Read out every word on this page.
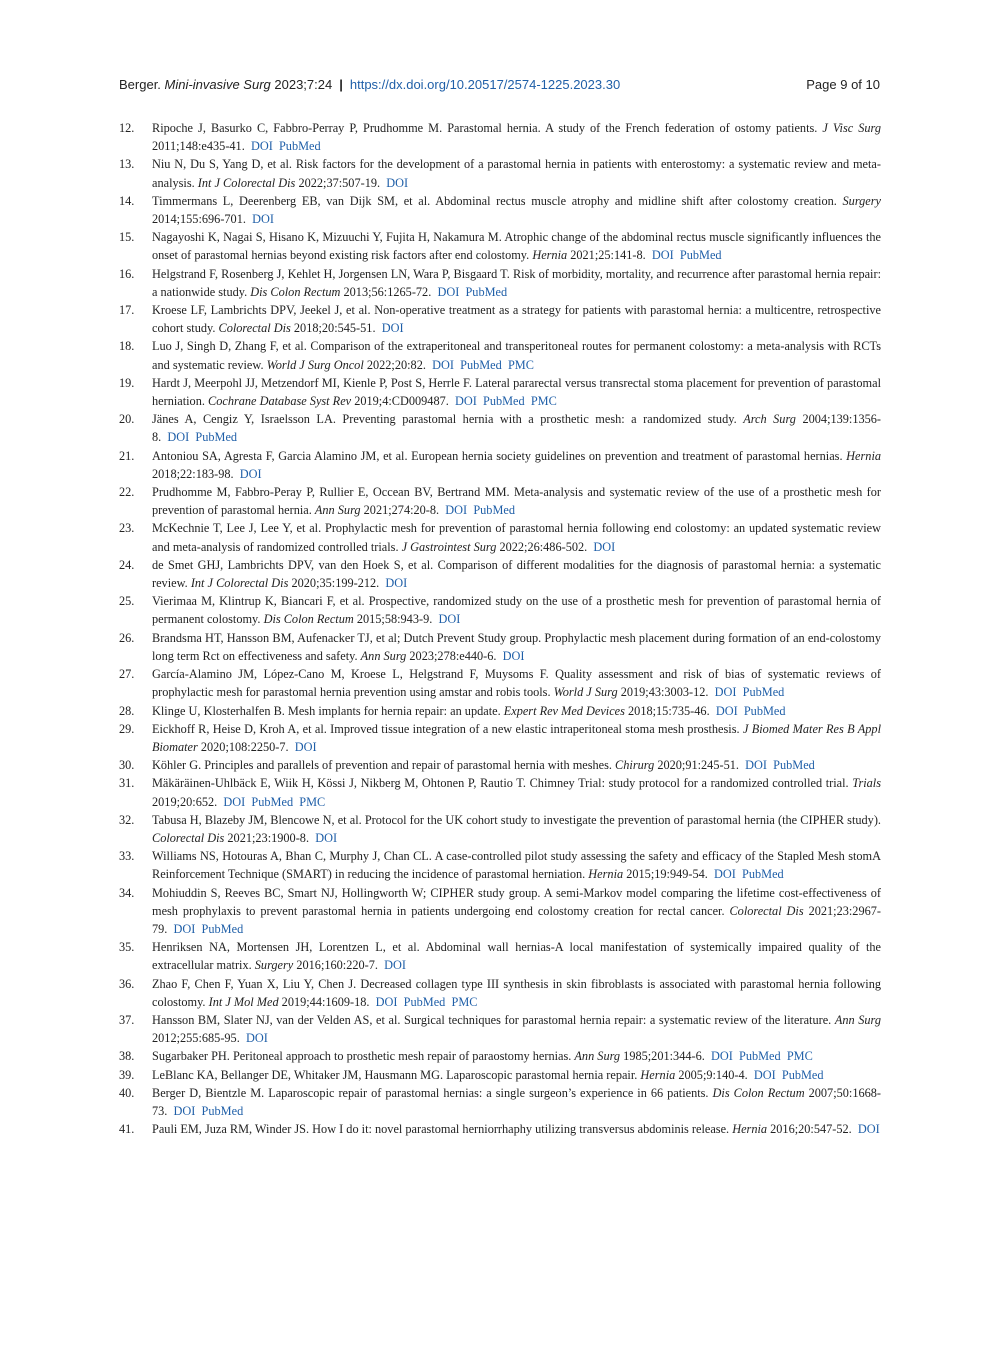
Berger.
Mini-invasive Surg
2023;7:24 | https://dx.doi.org/10.20517/2574-1225.2023.30	Page 9 of 10
12.	Ripoche J, Basurko C, Fabbro-Perray P, Prudhomme M. Parastomal hernia. A study of the French federation of ostomy patients. J Visc Surg 2011;148:e435-41. DOI PubMed
13.	Niu N, Du S, Yang D, et al. Risk factors for the development of a parastomal hernia in patients with enterostomy: a systematic review and meta-analysis. Int J Colorectal Dis 2022;37:507-19. DOI
14.	Timmermans L, Deerenberg EB, van Dijk SM, et al. Abdominal rectus muscle atrophy and midline shift after colostomy creation. Surgery 2014;155:696-701. DOI
15.	Nagayoshi K, Nagai S, Hisano K, Mizuuchi Y, Fujita H, Nakamura M. Atrophic change of the abdominal rectus muscle significantly influences the onset of parastomal hernias beyond existing risk factors after end colostomy. Hernia 2021;25:141-8. DOI PubMed
16.	Helgstrand F, Rosenberg J, Kehlet H, Jorgensen LN, Wara P, Bisgaard T. Risk of morbidity, mortality, and recurrence after parastomal hernia repair: a nationwide study. Dis Colon Rectum 2013;56:1265-72. DOI PubMed
17.	Kroese LF, Lambrichts DPV, Jeekel J, et al. Non-operative treatment as a strategy for patients with parastomal hernia: a multicentre, retrospective cohort study. Colorectal Dis 2018;20:545-51. DOI
18.	Luo J, Singh D, Zhang F, et al. Comparison of the extraperitoneal and transperitoneal routes for permanent colostomy: a meta-analysis with RCTs and systematic review. World J Surg Oncol 2022;20:82. DOI PubMed PMC
19.	Hardt J, Meerpohl JJ, Metzendorf MI, Kienle P, Post S, Herrle F. Lateral pararectal versus transrectal stoma placement for prevention of parastomal herniation. Cochrane Database Syst Rev 2019;4:CD009487. DOI PubMed PMC
20.	Jänes A, Cengiz Y, Israelsson LA. Preventing parastomal hernia with a prosthetic mesh: a randomized study. Arch Surg 2004;139:1356-8. DOI PubMed
21.	Antoniou SA, Agresta F, Garcia Alamino JM, et al. European hernia society guidelines on prevention and treatment of parastomal hernias. Hernia 2018;22:183-98. DOI
22.	Prudhomme M, Fabbro-Peray P, Rullier E, Occean BV, Bertrand MM. Meta-analysis and systematic review of the use of a prosthetic mesh for prevention of parastomal hernia. Ann Surg 2021;274:20-8. DOI PubMed
23.	McKechnie T, Lee J, Lee Y, et al. Prophylactic mesh for prevention of parastomal hernia following end colostomy: an updated systematic review and meta-analysis of randomized controlled trials. J Gastrointest Surg 2022;26:486-502. DOI
24.	de Smet GHJ, Lambrichts DPV, van den Hoek S, et al. Comparison of different modalities for the diagnosis of parastomal hernia: a systematic review. Int J Colorectal Dis 2020;35:199-212. DOI
25.	Vierimaa M, Klintrup K, Biancari F, et al. Prospective, randomized study on the use of a prosthetic mesh for prevention of parastomal hernia of permanent colostomy. Dis Colon Rectum 2015;58:943-9. DOI
26.	Brandsma HT, Hansson BM, Aufenacker TJ, et al; Dutch Prevent Study group. Prophylactic mesh placement during formation of an end-colostomy long term Rct on effectiveness and safety. Ann Surg 2023;278:e440-6. DOI
27.	García-Alamino JM, López-Cano M, Kroese L, Helgstrand F, Muysoms F. Quality assessment and risk of bias of systematic reviews of prophylactic mesh for parastomal hernia prevention using amstar and robis tools. World J Surg 2019;43:3003-12. DOI PubMed
28.	Klinge U, Klosterhalfen B. Mesh implants for hernia repair: an update. Expert Rev Med Devices 2018;15:735-46. DOI PubMed
29.	Eickhoff R, Heise D, Kroh A, et al. Improved tissue integration of a new elastic intraperitoneal stoma mesh prosthesis. J Biomed Mater Res B Appl Biomater 2020;108:2250-7. DOI
30.	Köhler G. Principles and parallels of prevention and repair of parastomal hernia with meshes. Chirurg 2020;91:245-51. DOI PubMed
31.	Mäkäräinen-Uhlbäck E, Wiik H, Kössi J, Nikberg M, Ohtonen P, Rautio T. Chimney Trial: study protocol for a randomized controlled trial. Trials 2019;20:652. DOI PubMed PMC
32.	Tabusa H, Blazeby JM, Blencowe N, et al. Protocol for the UK cohort study to investigate the prevention of parastomal hernia (the CIPHER study). Colorectal Dis 2021;23:1900-8. DOI
33.	Williams NS, Hotouras A, Bhan C, Murphy J, Chan CL. A case-controlled pilot study assessing the safety and efficacy of the Stapled Mesh stomA Reinforcement Technique (SMART) in reducing the incidence of parastomal herniation. Hernia 2015;19:949-54. DOI PubMed
34.	Mohiuddin S, Reeves BC, Smart NJ, Hollingworth W; CIPHER study group. A semi-Markov model comparing the lifetime cost-effectiveness of mesh prophylaxis to prevent parastomal hernia in patients undergoing end colostomy creation for rectal cancer. Colorectal Dis 2021;23:2967-79. DOI PubMed
35.	Henriksen NA, Mortensen JH, Lorentzen L, et al. Abdominal wall hernias-A local manifestation of systemically impaired quality of the extracellular matrix. Surgery 2016;160:220-7. DOI
36.	Zhao F, Chen F, Yuan X, Liu Y, Chen J. Decreased collagen type III synthesis in skin fibroblasts is associated with parastomal hernia following colostomy. Int J Mol Med 2019;44:1609-18. DOI PubMed PMC
37.	Hansson BM, Slater NJ, van der Velden AS, et al. Surgical techniques for parastomal hernia repair: a systematic review of the literature. Ann Surg 2012;255:685-95. DOI
38.	Sugarbaker PH. Peritoneal approach to prosthetic mesh repair of paraostomy hernias. Ann Surg 1985;201:344-6. DOI PubMed PMC
39.	LeBlanc KA, Bellanger DE, Whitaker JM, Hausmann MG. Laparoscopic parastomal hernia repair. Hernia 2005;9:140-4. DOI PubMed
40.	Berger D, Bientzle M. Laparoscopic repair of parastomal hernias: a single surgeon’s experience in 66 patients. Dis Colon Rectum 2007;50:1668-73. DOI PubMed
41.	Pauli EM, Juza RM, Winder JS. How I do it: novel parastomal herniorrhaphy utilizing transversus abdominis release. Hernia 2016;20:547-52. DOI
